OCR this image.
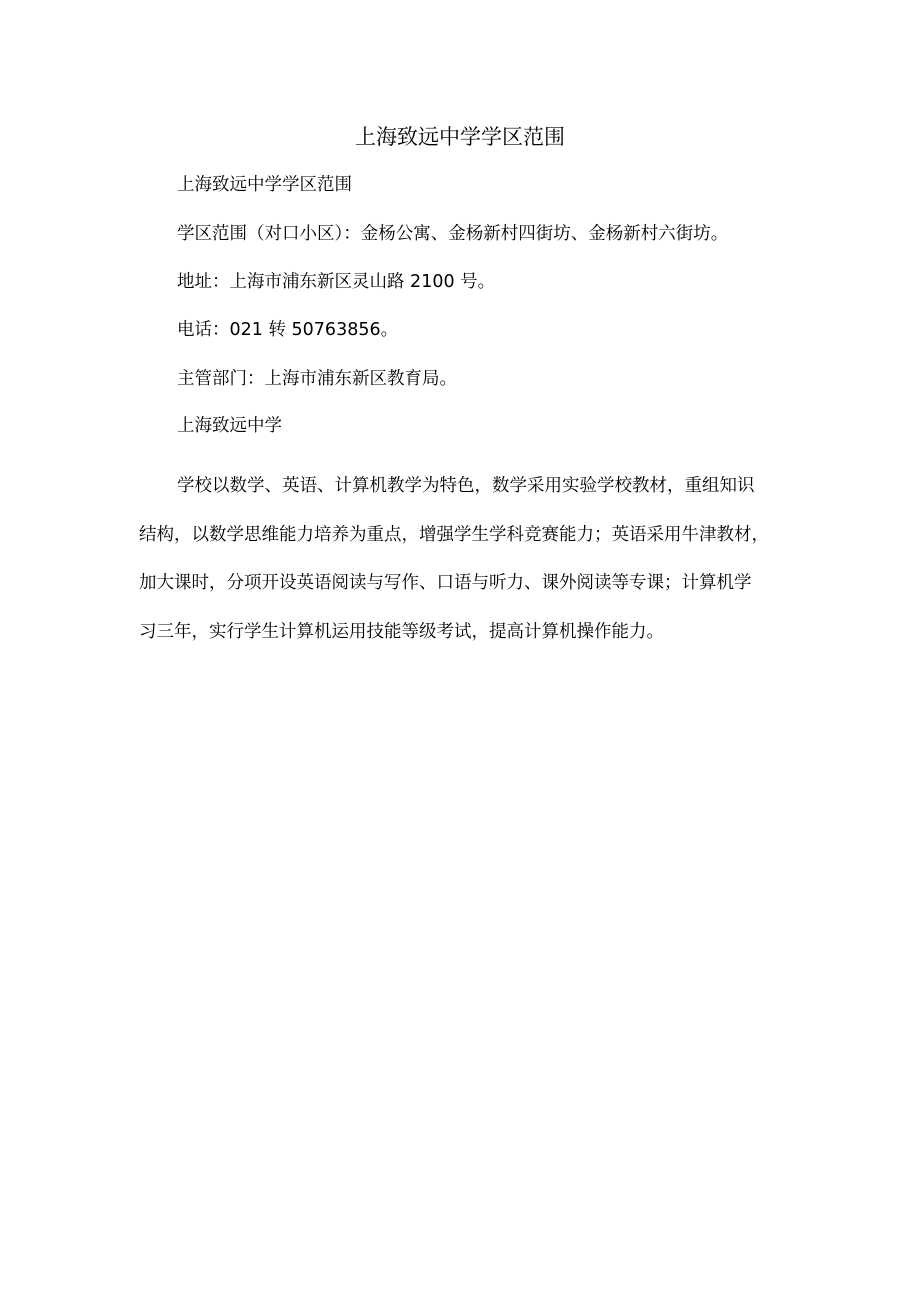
上海致远中学学区范围
上海致远中学学区范围
学区范围（对口小区）：金杨公寓、金杨新村四街坊、金杨新村六街坊。
地址：上海市浦东新区灵山路 2100 号。
电话：021 转 50763856。
主管部门：上海市浦东新区教育局。
上海致远中学
学校以数学、英语、计算机教学为特色，数学采用实验学校教材，重组知识
结构，以数学思维能力培养为重点，增强学生学科竞赛能力；英语采用牛津教材，
加大课时，分项开设英语阅读与写作、口语与听力、课外阅读等专课；计算机学
习三年，实行学生计算机运用技能等级考试，提高计算机操作能力。
